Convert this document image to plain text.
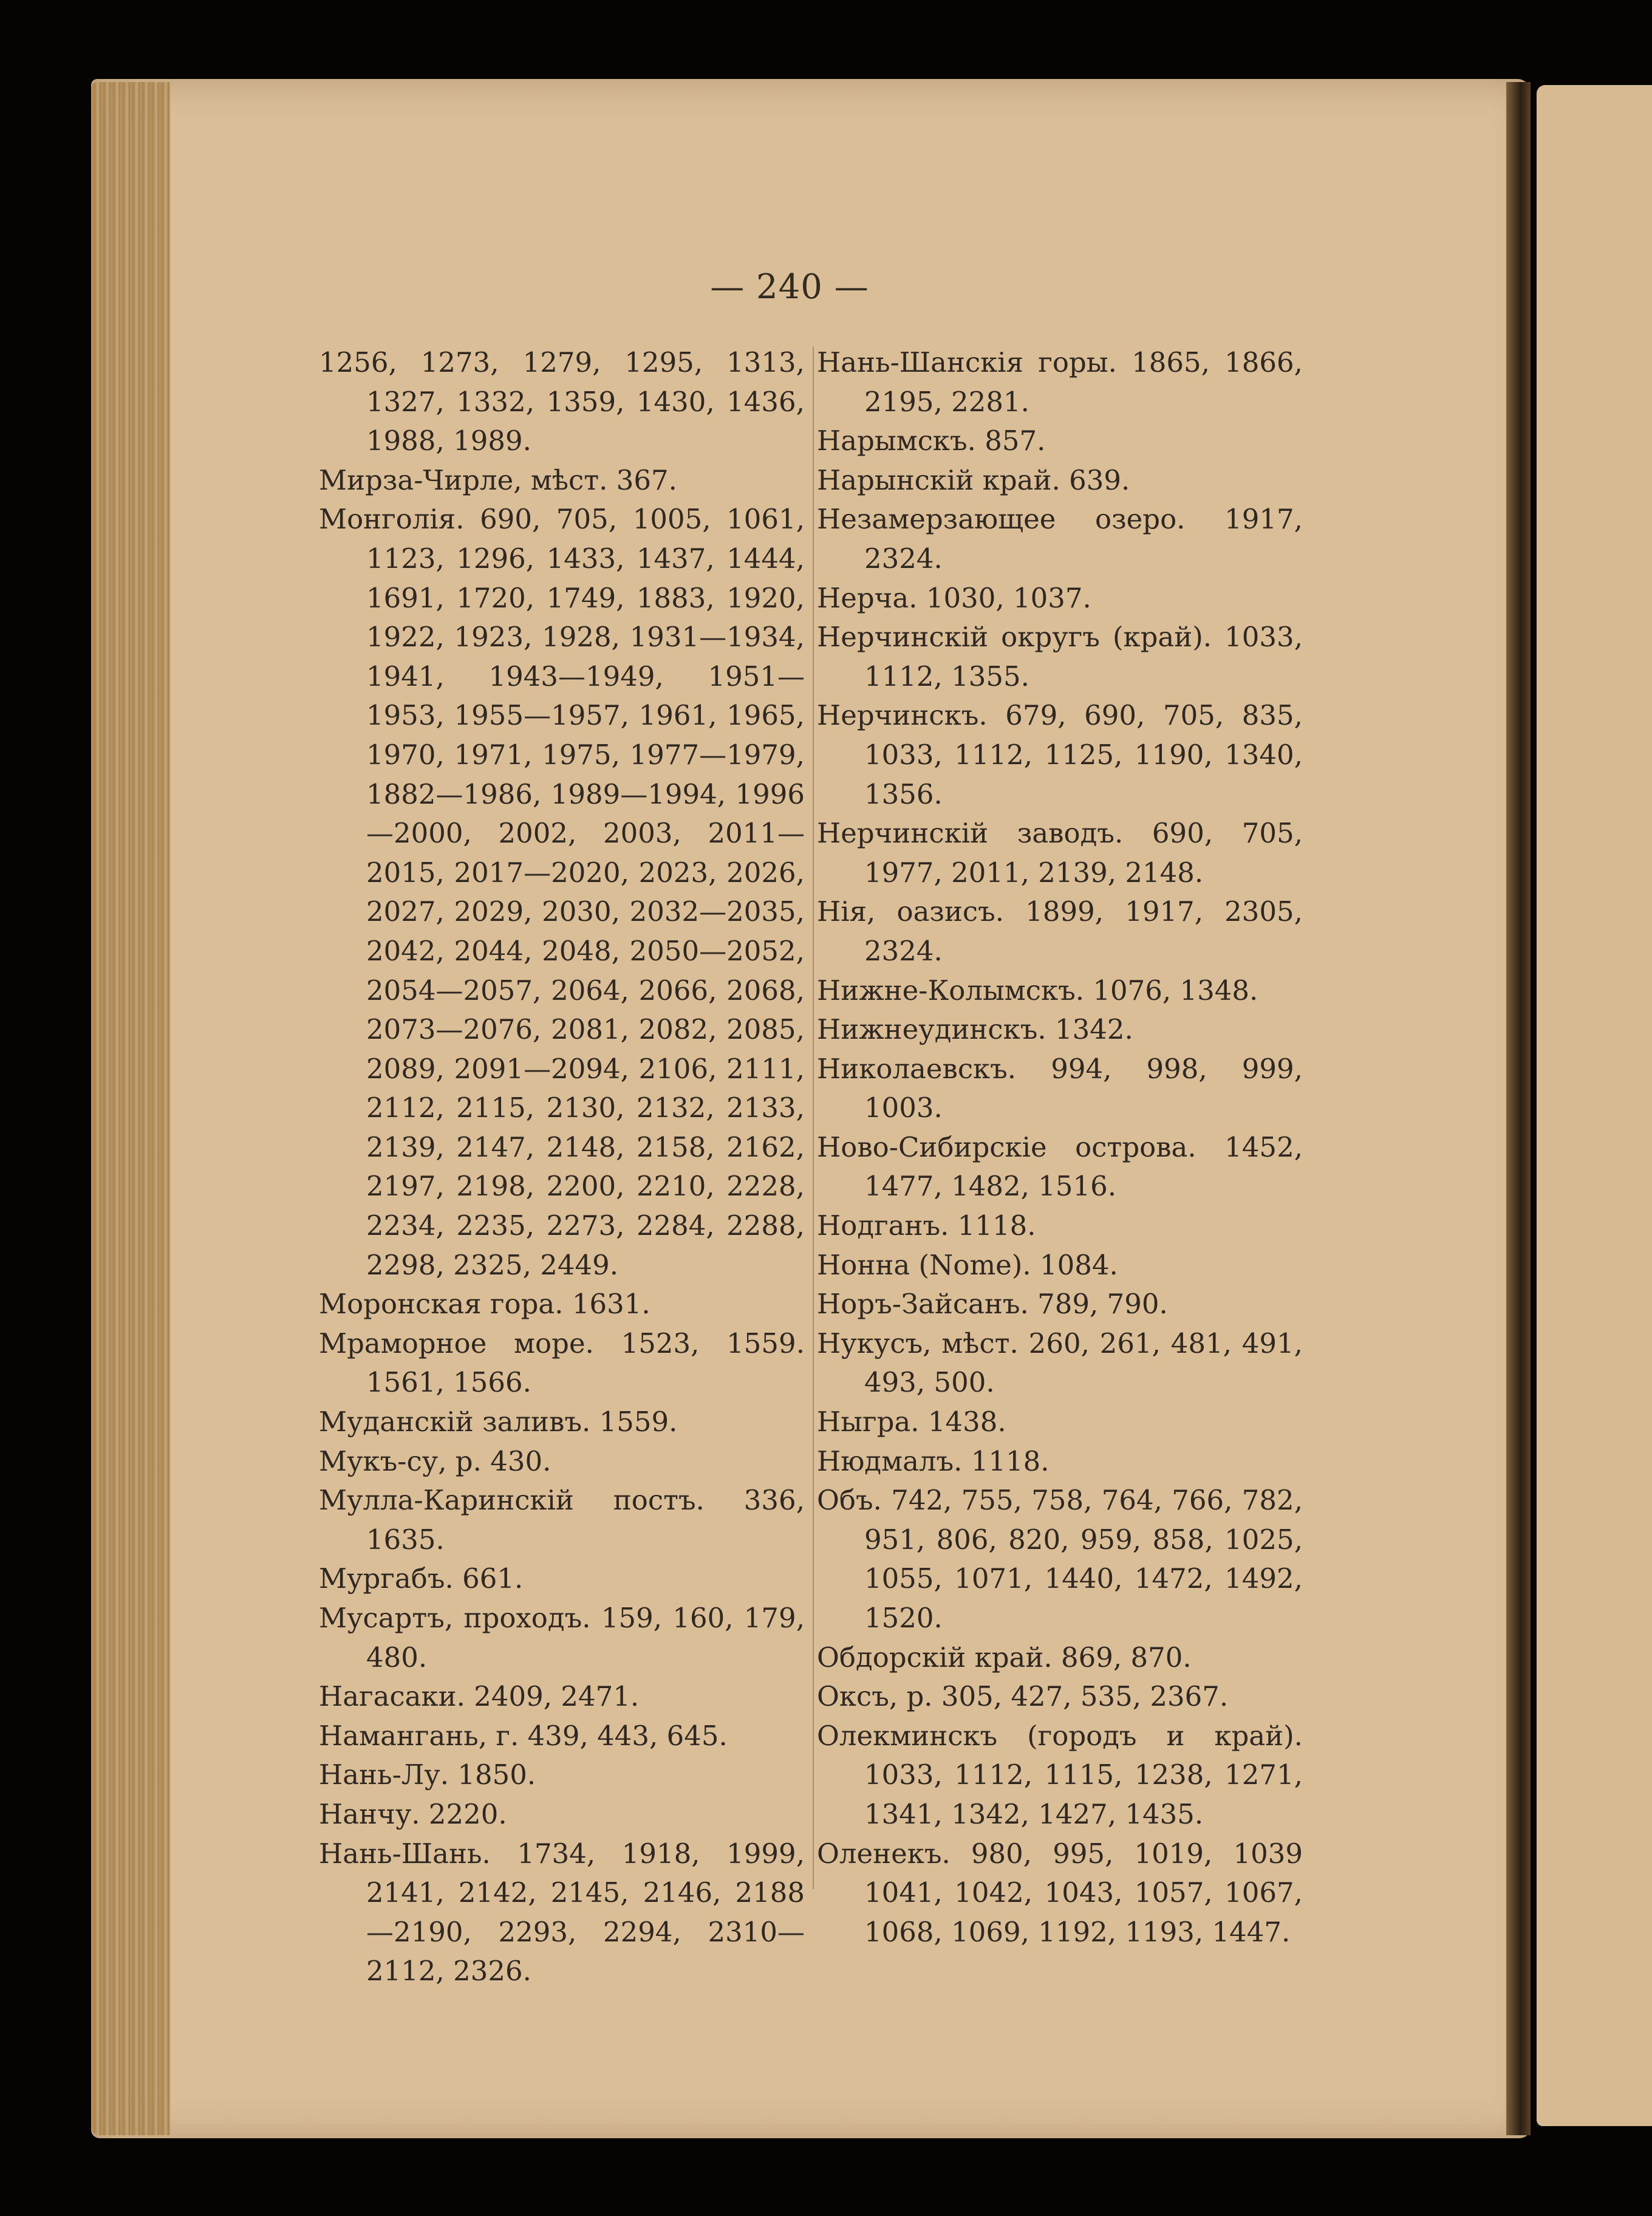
— 240 —
1256, 1273, 1279, 1295, 1313, 1327, 1332, 1359, 1430, 1436, 1988, 1989.
Мирза-Чирле, мѣст. 367.
Монголія. 690, 705, 1005, 1061, 1123, 1296, 1433, 1437, 1444, 1691, 1720, 1749, 1883, 1920, 1922, 1923, 1928, 1931—1934, 1941, 1943—1949, 1951—1953, 1955—1957, 1961, 1965, 1970, 1971, 1975, 1977—1979, 1882—1986, 1989—1994, 1996—2000, 2002, 2003, 2011—2015, 2017—2020, 2023, 2026, 2027, 2029, 2030, 2032—2035, 2042, 2044, 2048, 2050—2052, 2054—2057, 2064, 2066, 2068, 2073—2076, 2081, 2082, 2085, 2089, 2091—2094, 2106, 2111, 2112, 2115, 2130, 2132, 2133, 2139, 2147, 2148, 2158, 2162, 2197, 2198, 2200, 2210, 2228, 2234, 2235, 2273, 2284, 2288, 2298, 2325, 2449.
Моронская гора. 1631.
Мраморное море. 1523, 1559. 1561, 1566.
Муданскій заливъ. 1559.
Мукъ-су, р. 430.
Мулла-Каринскій постъ. 336, 1635.
Мургабъ. 661.
Мусартъ, проходъ. 159, 160, 179, 480.
Нагасаки. 2409, 2471.
Намангань, г. 439, 443, 645.
Нань-Лу. 1850.
Нанчу. 2220.
Нань-Шань. 1734, 1918, 1999, 2141, 2142, 2145, 2146, 2188—2190, 2293, 2294, 2310—2112, 2326.
Нань-Шанскія горы. 1865, 1866, 2195, 2281.
Нарымскъ. 857.
Нарынскій край. 639.
Незамерзающее озеро. 1917, 2324.
Нерча. 1030, 1037.
Нерчинскій округъ (край). 1033, 1112, 1355.
Нерчинскъ. 679, 690, 705, 835, 1033, 1112, 1125, 1190, 1340, 1356.
Нерчинскій заводъ. 690, 705, 1977, 2011, 2139, 2148.
Нія, оазисъ. 1899, 1917, 2305, 2324.
Нижне-Колымскъ. 1076, 1348.
Нижнеудинскъ. 1342.
Николаевскъ. 994, 998, 999, 1003.
Ново-Сибирскіе острова. 1452, 1477, 1482, 1516.
Нодганъ. 1118.
Нонна (Nome). 1084.
Норъ-Зайсанъ. 789, 790.
Нукусъ, мѣст. 260, 261, 481, 491, 493, 500.
Ныгра. 1438.
Нюдмалъ. 1118.
Объ. 742, 755, 758, 764, 766, 782, 951, 806, 820, 959, 858, 1025, 1055, 1071, 1440, 1472, 1492, 1520.
Обдорскій край. 869, 870.
Оксъ, р. 305, 427, 535, 2367.
Олекминскъ (городъ и край). 1033, 1112, 1115, 1238, 1271, 1341, 1342, 1427, 1435.
Оленекъ. 980, 995, 1019, 1039 1041, 1042, 1043, 1057, 1067, 1068, 1069, 1192, 1193, 1447.
